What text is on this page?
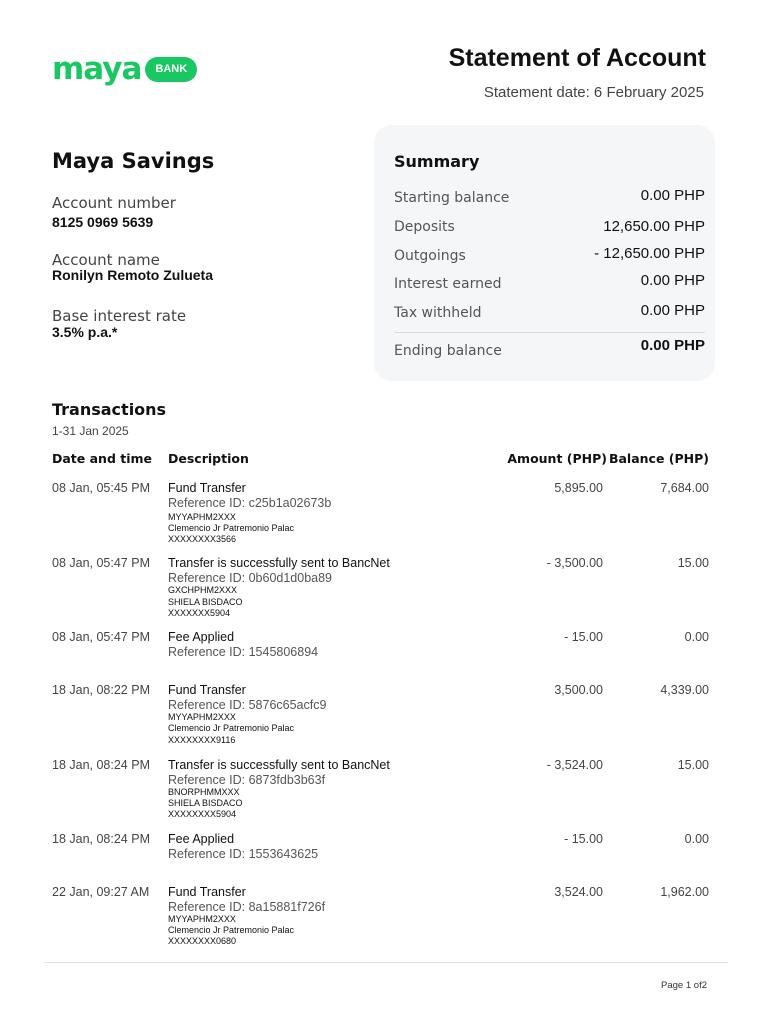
maya	BANK	Statement of Account
Statement date: 6 February 2025
Maya Savings
Account number
8125 0969 5639
Account name
Ronilyn Remoto Zulueta
Base interest rate
3.5% p.a.*
Summary
Starting balance	0.00 PHP
Deposits	12,650.00 PHP
Outgoings	- 12,650.00 PHP
Interest earned	0.00 PHP
Tax withheld	0.00 PHP
Ending balance	0.00 PHP
Transactions
1-31 Jan 2025
Date and time Description	Amount (PHP) Balance (PHP)
08 Jan, 05:45 PM Fund Transfer
Reference ID: c25b1a02673b
MYYAPHM2XXX
Clemencio Jr Patremonio Palac
XXXXXXXX3566
5,895.00	7,684.00
08 Jan, 05:47 PM Transfer is successfully sent to BancNet
Reference ID: 0b60d1d0ba89
GXCHPHM2XXX
SHIELA BISDACO
XXXXXXX5904
- 3,500.00	15.00
08 Jan, 05:47 PM Fee Applied
Reference ID: 1545806894
- 15.00	0.00
18 Jan, 08:22 PM Fund Transfer
Reference ID: 5876c65acfc9
MYYAPHM2XXX
Clemencio Jr Patremonio Palac
XXXXXXXX9116
3,500.00	4,339.00
18 Jan, 08:24 PM Transfer is successfully sent to BancNet
Reference ID: 6873fdb3b63f
BNORPHMMXXX
SHIELA BISDACO
XXXXXXXX5904
- 3,524.00	15.00
18 Jan, 08:24 PM Fee Applied
Reference ID: 1553643625
- 15.00	0.00
22 Jan, 09:27 AM Fund Transfer
Reference ID: 8a15881f726f
MYYAPHM2XXX
Clemencio Jr Patremonio Palac
XXXXXXXX0680
3,524.00	1,962.00
Page 1 of2
